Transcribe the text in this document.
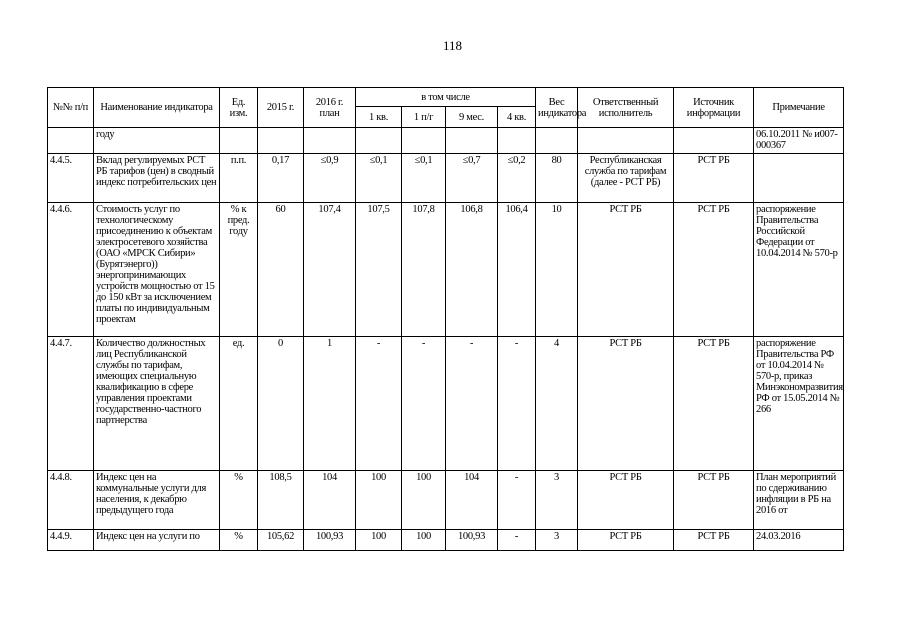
118
№№ п/п	Наименование индикатора	Ед. изм.	2015 г.	2016 г. план	в том числе				Вес индикатора	Ответственный исполнитель	Источник информации	Примечание
					1 кв.	1 п/г	9 мес.	4 кв.				
	году											06.10.2011 № и007-000367
4.4.5.	Вклад регулируемых РСТ РБ тарифов (цен) в сводный индекс потребительских цен	п.п.	0,17	≤0,9	≤0,1	≤0,1	≤0,7	≤0,2	80	Республиканская служба по тарифам (далее - РСТ РБ)	РСТ РБ	
4.4.6.	Стоимость услуг по технологическому присоединению к объектам электросетевого хозяйства (ОАО «МРСК Сибири» (Бурятэнерго)) энергопринимающих устройств мощностью от 15 до 150 кВт за исключением платы по индивидуальным проектам	% к пред. году	60	107,4	107,5	107,8	106,8	106,4	10	РСТ РБ	РСТ РБ	распоряжение Правительства Российской Федерации от 10.04.2014 № 570-р
4.4.7.	Количество должностных лиц Республиканской службы по тарифам, имеющих специальную квалификацию в сфере управления проектами государственно-частного партнерства	ед.	0	1	-	-	-	-	4	РСТ РБ	РСТ РБ	распоряжение Правительства РФ от 10.04.2014 № 570-р, приказ Минэкономразвития РФ от 15.05.2014 № 266
4.4.8.	Индекс цен на коммунальные услуги для населения, к декабрю предыдущего года	%	108,5	104	100	100	104	-	3	РСТ РБ	РСТ РБ	План мероприятий по сдерживанию инфляции в РБ на 2016 от
4.4.9.	Индекс цен на услуги по	%	105,62	100,93	100	100	100,93	-	3	РСТ РБ	РСТ РБ	24.03.2016
